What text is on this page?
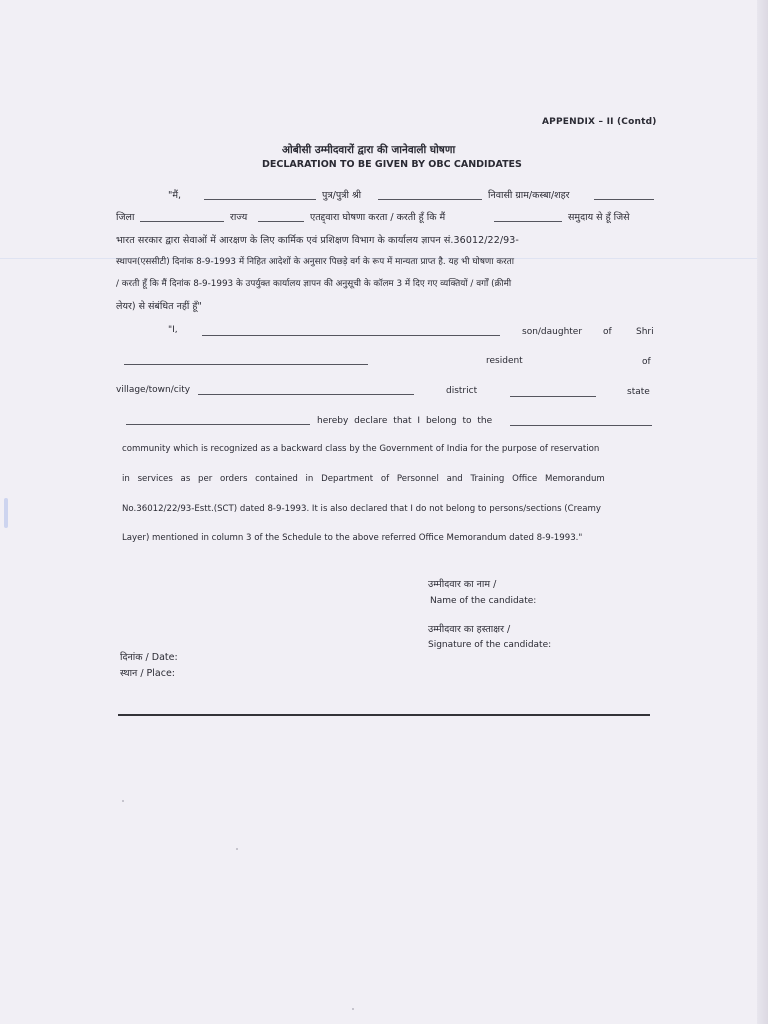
APPENDIX – II (Contd)
ओबीसी उम्मीदवारों द्वारा की जानेवाली घोषणा
DECLARATION TO BE GIVEN BY OBC CANDIDATES
"मैं,	पुत्र/पुत्री श्री	निवासी ग्राम/कस्बा/शहर
जिला	राज्य	एतद्द्वारा घोषणा करता / करती हूँ कि मैं	समुदाय से हूँ जिसे
भारत सरकार द्वारा सेवाओं में आरक्षण के लिए कार्मिक एवं प्रशिक्षण विभाग के कार्यालय ज्ञापन सं.36012/22/93-
स्थापन(एससीटी) दिनांक 8-9-1993 में निहित आदेशों के अनुसार पिछड़े वर्ग के रूप में मान्यता प्राप्त है. यह भी घोषणा करता
/ करती हूँ कि मैं दिनांक 8-9-1993 के उपर्युक्त कार्यालय ज्ञापन की अनुसूची के कॉलम 3 में दिए गए व्यक्तियों / वर्गों (क्रीमी
लेयर) से संबंधित नहीं हूँ"
"I,	son/daughter of	Shri
resident	of
village/town/city	district	state
hereby declare that I belong to the
community which is recognized as a backward class by the Government of India for the purpose of reservation
in services as per orders contained in Department of Personnel and Training Office Memorandum
No.36012/22/93-Estt.(SCT) dated 8-9-1993. It is also declared that I do not belong to persons/sections (Creamy
Layer) mentioned in column 3 of the Schedule to the above referred Office Memorandum dated 8-9-1993."
उम्मीदवार का नाम /
Name of the candidate:
उम्मीदवार का हस्ताक्षर /
Signature of the candidate:
दिनांक / Date:
स्थान / Place:
